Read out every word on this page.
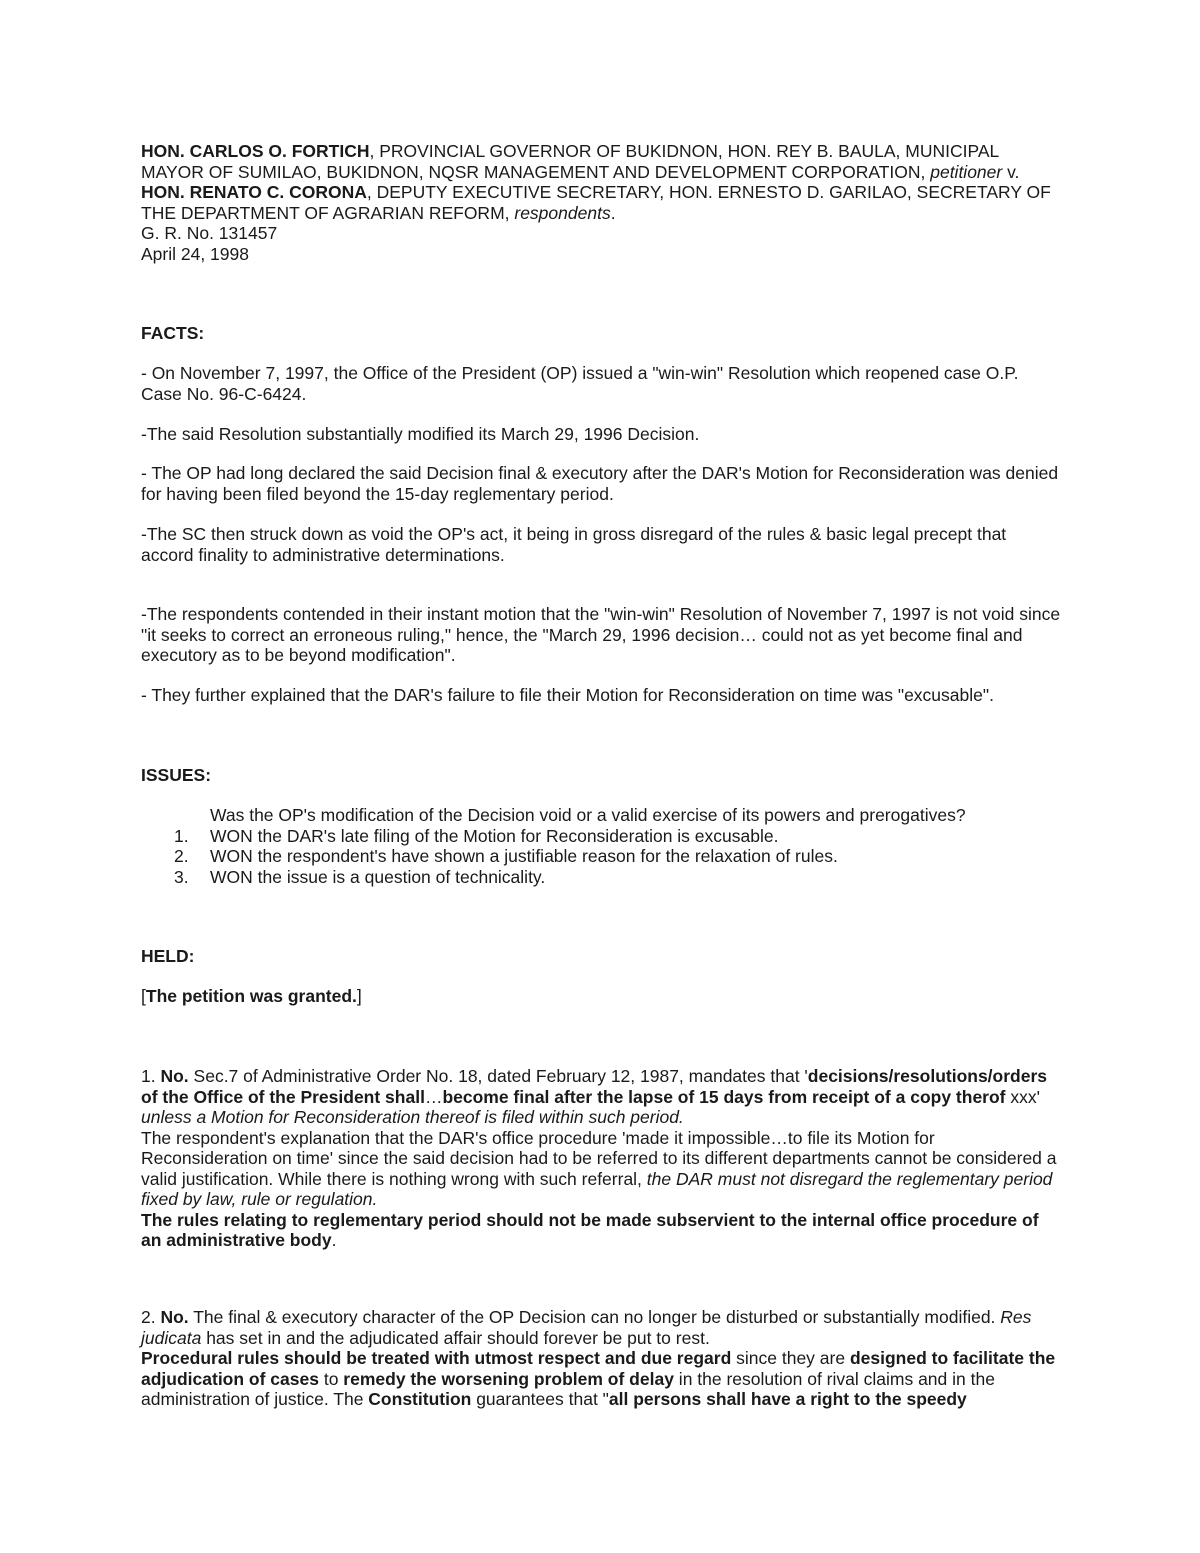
HON. CARLOS O. FORTICH, PROVINCIAL GOVERNOR OF BUKIDNON, HON. REY B. BAULA, MUNICIPAL MAYOR OF SUMILAO, BUKIDNON, NQSR MANAGEMENT AND DEVELOPMENT CORPORATION, petitioner v.
HON. RENATO C. CORONA, DEPUTY EXECUTIVE SECRETARY, HON. ERNESTO D. GARILAO, SECRETARY OF THE DEPARTMENT OF AGRARIAN REFORM, respondents.
G. R. No. 131457
April 24, 1998
FACTS:
- On November 7, 1997, the Office of the President (OP) issued a "win-win" Resolution which reopened case O.P. Case No. 96-C-6424.
-The said Resolution substantially modified its March 29, 1996 Decision.
- The OP had long declared the said Decision final & executory after the DAR's Motion for Reconsideration was denied for having been filed beyond the 15-day reglementary period.
-The SC then struck down as void the OP's act, it being in gross disregard of the rules & basic legal precept that accord finality to administrative determinations.
-The respondents contended in their instant motion that the "win-win" Resolution of November 7, 1997 is not void since "it seeks to correct an erroneous ruling," hence, the "March 29, 1996 decision… could not as yet become final and executory as to be beyond modification".
- They further explained that the DAR's failure to file their Motion for Reconsideration on time was "excusable".
ISSUES:
Was the OP's modification of the Decision void or a valid exercise of its powers and prerogatives?
1. WON the DAR's late filing of the Motion for Reconsideration is excusable.
2. WON the respondent's have shown a justifiable reason for the relaxation of rules.
3. WON the issue is a question of technicality.
HELD:
[The petition was granted.]
1. No. Sec.7 of Administrative Order No. 18, dated February 12, 1987, mandates that 'decisions/resolutions/orders of the Office of the President shall…become final after the lapse of 15 days from receipt of a copy therof xxx' unless a Motion for Reconsideration thereof is filed within such period.
The respondent's explanation that the DAR's office procedure 'made it impossible…to file its Motion for Reconsideration on time' since the said decision had to be referred to its different departments cannot be considered a valid justification. While there is nothing wrong with such referral, the DAR must not disregard the reglementary period fixed by law, rule or regulation.
The rules relating to reglementary period should not be made subservient to the internal office procedure of an administrative body.
2. No. The final & executory character of the OP Decision can no longer be disturbed or substantially modified. Res judicata has set in and the adjudicated affair should forever be put to rest.
Procedural rules should be treated with utmost respect and due regard since they are designed to facilitate the adjudication of cases to remedy the worsening problem of delay in the resolution of rival claims and in the administration of justice. The Constitution guarantees that "all persons shall have a right to the speedy
